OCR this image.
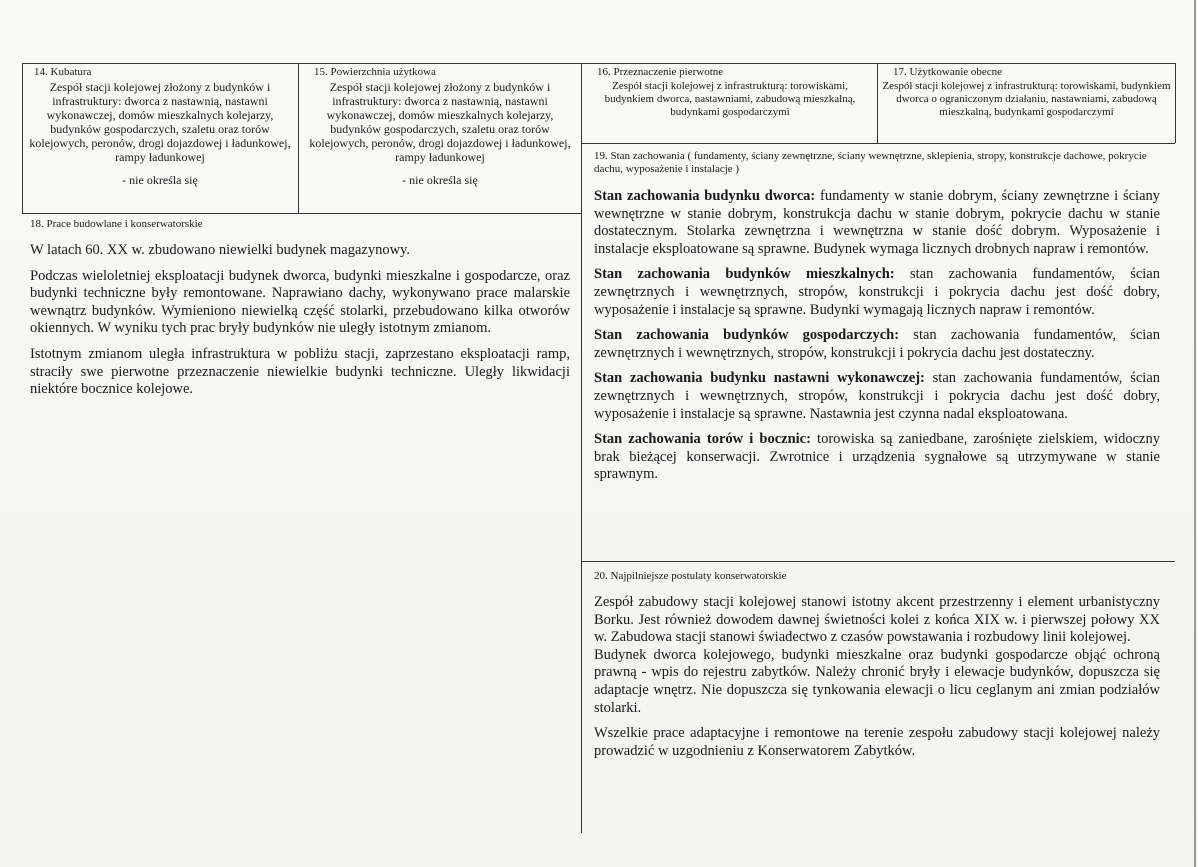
14. Kubatura
Zespół stacji kolejowej złożony z budynków i infrastruktury: dworca z nastawnią, nastawni wykonawczej, domów mieszkalnych kolejarzy, budynków gospodarczych, szaletu oraz torów kolejowych, peronów, drogi dojazdowej i ładunkowej, rampy ładunkowej
- nie określa się
15. Powierzchnia użytkowa
Zespół stacji kolejowej złożony z budynków i infrastruktury: dworca z nastawnią, nastawni wykonawczej, domów mieszkalnych kolejarzy, budynków gospodarczych, szaletu oraz torów kolejowych, peronów, drogi dojazdowej i ładunkowej, rampy ładunkowej
- nie określa się
16. Przeznaczenie pierwotne
Zespół stacji kolejowej z infrastrukturą: torowiskami, budynkiem dworca, nastawniami, zabudową mieszkalną, budynkami gospodarczymi
17. Użytkowanie obecne
Zespół stacji kolejowej z infrastrukturą: torowiskami, budynkiem dworca o ograniczonym działaniu, nastawniami, zabudową mieszkalną, budynkami gospodarczymi
18. Prace budowlane i konserwatorskie

W latach 60. XX w. zbudowano niewielki budynek magazynowy.

Podczas wieloletniej eksploatacji budynek dworca, budynki mieszkalne i gospodarcze, oraz budynki techniczne były remontowane. Naprawiano dachy, wykonywano prace malarskie wewnątrz budynków. Wymieniono niewielką część stolarki, przebudowano kilka otworów okiennych. W wyniku tych prac bryły budynków nie uległy istotnym zmianom.

Istotnym zmianom uległa infrastruktura w pobliżu stacji, zaprzestano eksploatacji ramp, straciły swe pierwotne przeznaczenie niewielkie budynki techniczne. Uległy likwidacji niektóre bocznice kolejowe.

19. Stan zachowania ( fundamenty, ściany zewnętrzne, ściany wewnętrzne, sklepienia, stropy, konstrukcje dachowe, pokrycie dachu, wyposażenie i instalacje )

Stan zachowania budynku dworca: fundamenty w stanie dobrym, ściany zewnętrzne i ściany wewnętrzne w stanie dobrym, konstrukcja dachu w stanie dobrym, pokrycie dachu w stanie dostatecznym. Stolarka zewnętrzna i wewnętrzna w stanie dość dobrym. Wyposażenie i instalacje eksploatowane są sprawne. Budynek wymaga licznych drobnych napraw i remontów.

Stan zachowania budynków mieszkalnych: stan zachowania fundamentów, ścian zewnętrznych i wewnętrznych, stropów, konstrukcji i pokrycia dachu jest dość dobry, wyposażenie i instalacje są sprawne. Budynki wymagają licznych napraw i remontów.

Stan zachowania budynków gospodarczych: stan zachowania fundamentów, ścian zewnętrznych i wewnętrznych, stropów, konstrukcji i pokrycia dachu jest dostateczny.

Stan zachowania budynku nastawni wykonawczej: stan zachowania fundamentów, ścian zewnętrznych i wewnętrznych, stropów, konstrukcji i pokrycia dachu jest dość dobry, wyposażenie i instalacje są sprawne. Nastawnia jest czynna nadal eksploatowana.

Stan zachowania torów i bocznic: torowiska są zaniedbane, zarośnięte zielskiem, widoczny brak bieżącej konserwacji. Zwrotnice i urządzenia sygnałowe są utrzymywane w stanie sprawnym.

20. Najpilniejsze postulaty konserwatorskie

Zespół zabudowy stacji kolejowej stanowi istotny akcent przestrzenny i element urbanistyczny Borku. Jest również dowodem dawnej świetności kolei z końca XIX w. i pierwszej połowy XX w. Zabudowa stacji stanowi świadectwo z czasów powstawania i rozbudowy linii kolejowej.

Budynek dworca kolejowego, budynki mieszkalne oraz budynki gospodarcze objąć ochroną prawną - wpis do rejestru zabytków. Należy chronić bryły i elewacje budynków, dopuszcza się adaptacje wnętrz. Nie dopuszcza się tynkowania elewacji o licu ceglanym ani zmian podziałów stolarki.

Wszelkie prace adaptacyjne i remontowe na terenie zespołu zabudowy stacji kolejowej należy prowadzić w uzgodnieniu z Konserwatorem Zabytków.
